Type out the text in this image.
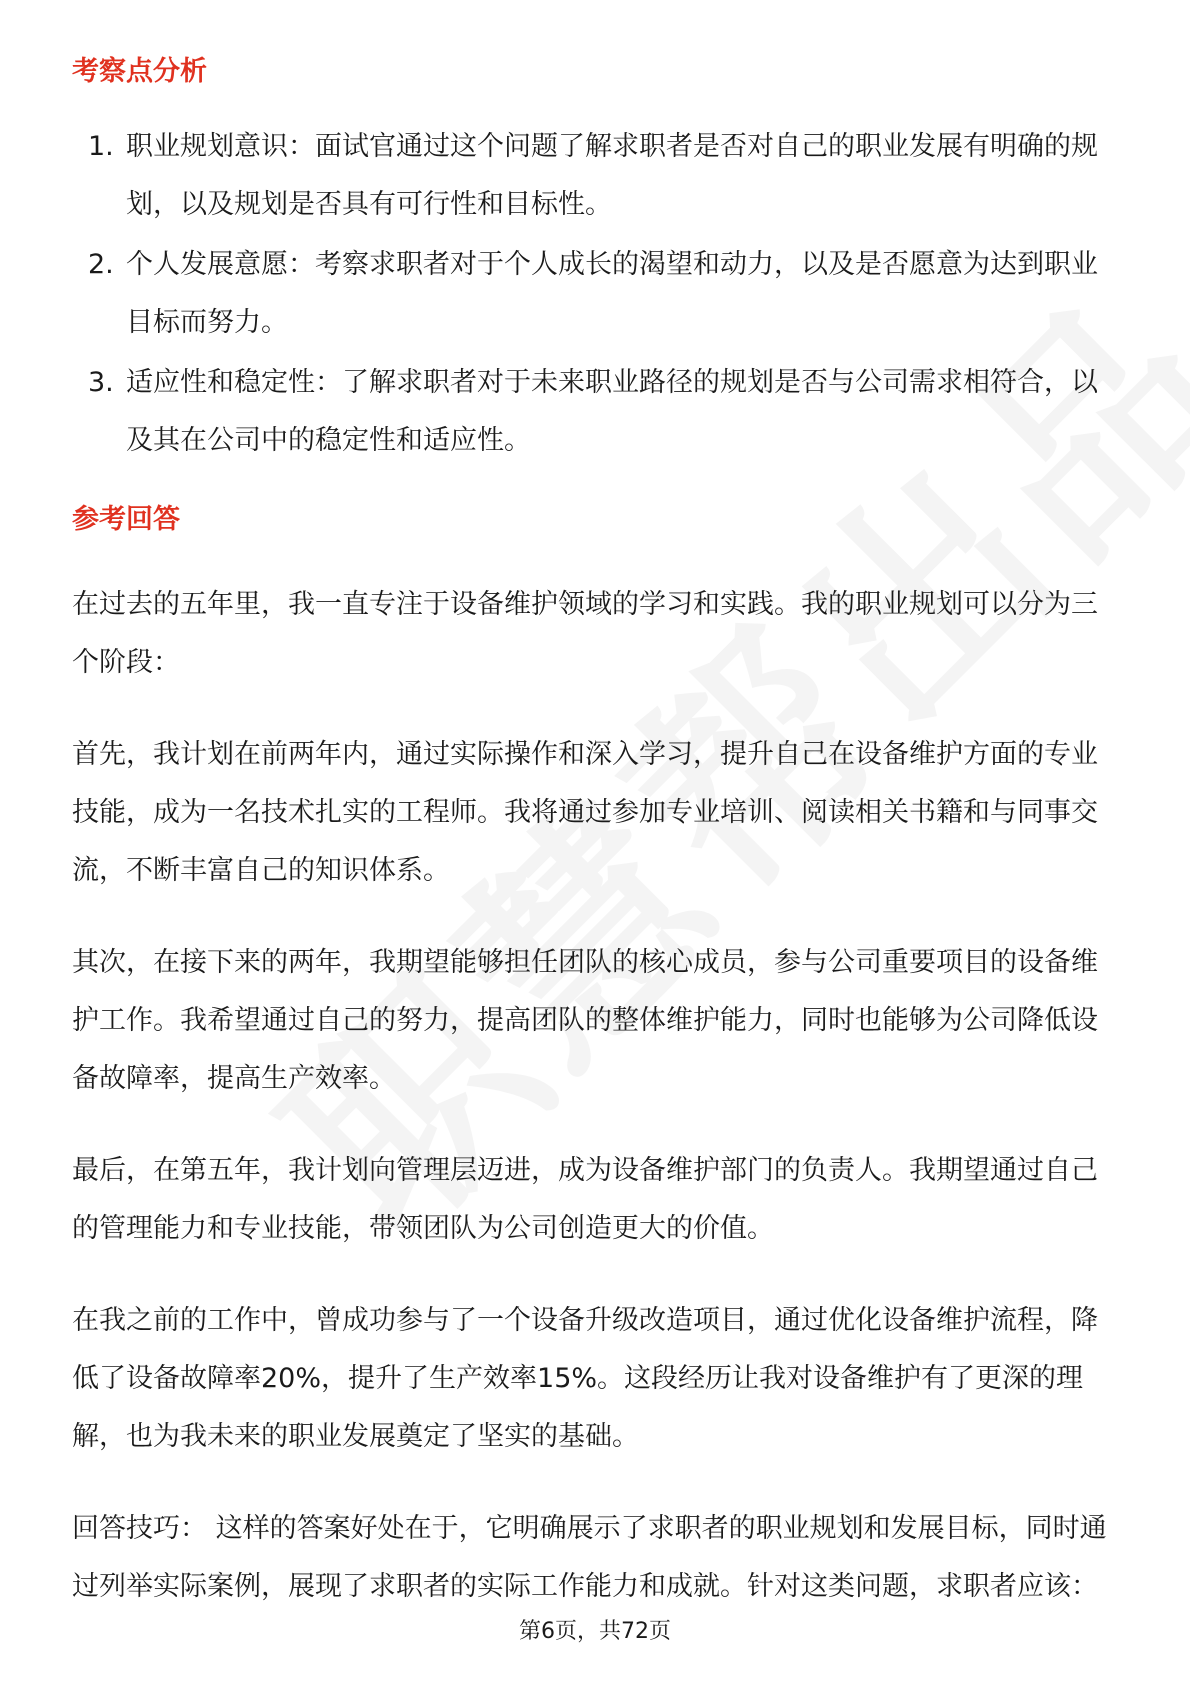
考察点分析
1. 职业规划意识：面试官通过这个问题了解求职者是否对自己的职业发展有明确的规划，以及规划是否具有可行性和目标性。
2. 个人发展意愿：考察求职者对于个人成长的渴望和动力，以及是否愿意为达到职业目标而努力。
3. 适应性和稳定性：了解求职者对于未来职业路径的规划是否与公司需求相符合，以及其在公司中的稳定性和适应性。
参考回答

在过去的五年里，我一直专注于设备维护领域的学习和实践。我的职业规划可以分为三个阶段：

首先，我计划在前两年内，通过实际操作和深入学习，提升自己在设备维护方面的专业技能，成为一名技术扎实的工程师。我将通过参加专业培训、阅读相关书籍和与同事交流，不断丰富自己的知识体系。

其次，在接下来的两年，我期望能够担任团队的核心成员，参与公司重要项目的设备维护工作。我希望通过自己的努力，提高团队的整体维护能力，同时也能够为公司降低设备故障率，提高生产效率。

最后，在第五年，我计划向管理层迈进，成为设备维护部门的负责人。我期望通过自己的管理能力和专业技能，带领团队为公司创造更大的价值。

在我之前的工作中，曾成功参与了一个设备升级改造项目，通过优化设备维护流程，降低了设备故障率20%，提升了生产效率15%。这段经历让我对设备维护有了更深的理解，也为我未来的职业发展奠定了坚实的基础。

回答技巧： 这样的答案好处在于，它明确展示了求职者的职业规划和发展目标，同时通过列举实际案例，展现了求职者的实际工作能力和成就。针对这类问题，求职者应该：

第6页，共72页
